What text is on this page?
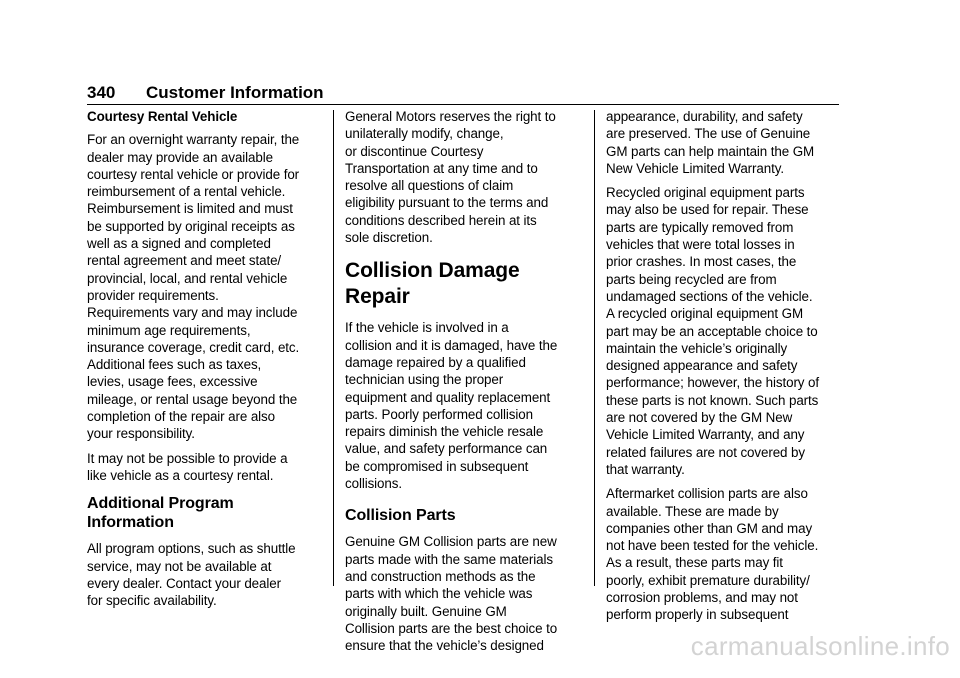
340 Customer Information

Courtesy Rental Vehicle

For an overnight warranty repair, the
dealer may provide an available
courtesy rental vehicle or provide for
reimbursement of a rental vehicle.
Reimbursement is limited and must
be supported by original receipts as
well as a signed and completed
rental agreement and meet state/
provincial, local, and rental vehicle
provider requirements.
Requirements vary and may include
minimum age requirements,
insurance coverage, credit card, etc.
Additional fees such as taxes,
levies, usage fees, excessive
mileage, or rental usage beyond the
completion of the repair are also
your responsibility.

It may not be possible to provide a
like vehicle as a courtesy rental.

Additional Program
Information

All program options, such as shuttle
service, may not be available at
every dealer. Contact your dealer
for specific availability.

General Motors reserves the right to
unilaterally modify, change,
or discontinue Courtesy
Transportation at any time and to
resolve all questions of claim
eligibility pursuant to the terms and
conditions described herein at its
sole discretion.

Collision Damage Repair

If the vehicle is involved in a
collision and it is damaged, have the
damage repaired by a qualified
technician using the proper
equipment and quality replacement
parts. Poorly performed collision
repairs diminish the vehicle resale
value, and safety performance can
be compromised in subsequent
collisions.

Collision Parts

Genuine GM Collision parts are new
parts made with the same materials
and construction methods as the
parts with which the vehicle was
originally built. Genuine GM
Collision parts are the best choice to
ensure that the vehicle’s designed

appearance, durability, and safety
are preserved. The use of Genuine
GM parts can help maintain the GM
New Vehicle Limited Warranty.

Recycled original equipment parts
may also be used for repair. These
parts are typically removed from
vehicles that were total losses in
prior crashes. In most cases, the
parts being recycled are from
undamaged sections of the vehicle.
A recycled original equipment GM
part may be an acceptable choice to
maintain the vehicle’s originally
designed appearance and safety
performance; however, the history of
these parts is not known. Such parts
are not covered by the GM New
Vehicle Limited Warranty, and any
related failures are not covered by
that warranty.

Aftermarket collision parts are also
available. These are made by
companies other than GM and may
not have been tested for the vehicle.
As a result, these parts may fit
poorly, exhibit premature durability/
corrosion problems, and may not
perform properly in subsequent

carmanualsonline.info
